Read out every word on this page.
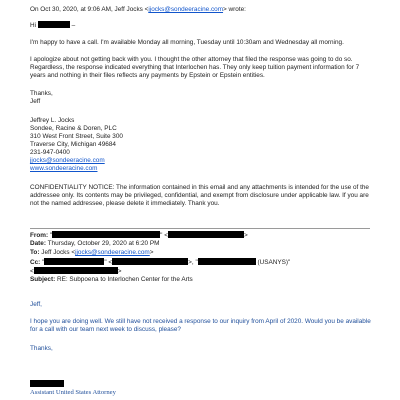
On Oct 30, 2020, at 9:06 AM, Jeff Jocks <jjocks@sondeeracine.com> wrote:

Hi	–

I'm happy to have a call. I'm available Monday all morning, Tuesday until 10:30am and Wednesday all morning.

I apologize about not getting back with you. I thought the other attorney that filed the response was going to do so. Regardless, the response indicated everything that Interlochen has. They only keep tuition payment information for 7 years and nothing in their files reflects any payments by Epstein or Epstein entities.

Thanks,

Jeff

Jeffrey L. Jocks

Sondee, Racine & Doren, PLC

310 West Front Street, Suite 300

Traverse City, Michigan 49684

231-947-0400

jjocks@sondeeracine.com

www.sondeeracine.com

CONFIDENTIALITY NOTICE: The information contained in this email and any attachments is intended for the use of the addressee only. Its contents may be privileged, confidential, and exempt from disclosure under applicable law. If you are not the named addressee, please delete it immediately. Thank you.

From: "	" <	>

Date: Thursday, October 29, 2020 at 6:20 PM

To: Jeff Jocks <jjocks@sondeeracine.com>

Cc: "	" <	>, "	(USANYS)"

<	>

Subject: RE: Subpoena to Interlochen Center for the Arts

Jeff,

I hope you are doing well. We still have not received a response to our inquiry from April of 2020. Would you be available for a call with our team next week to discuss, please?

Thanks,

Assistant United States Attorney
